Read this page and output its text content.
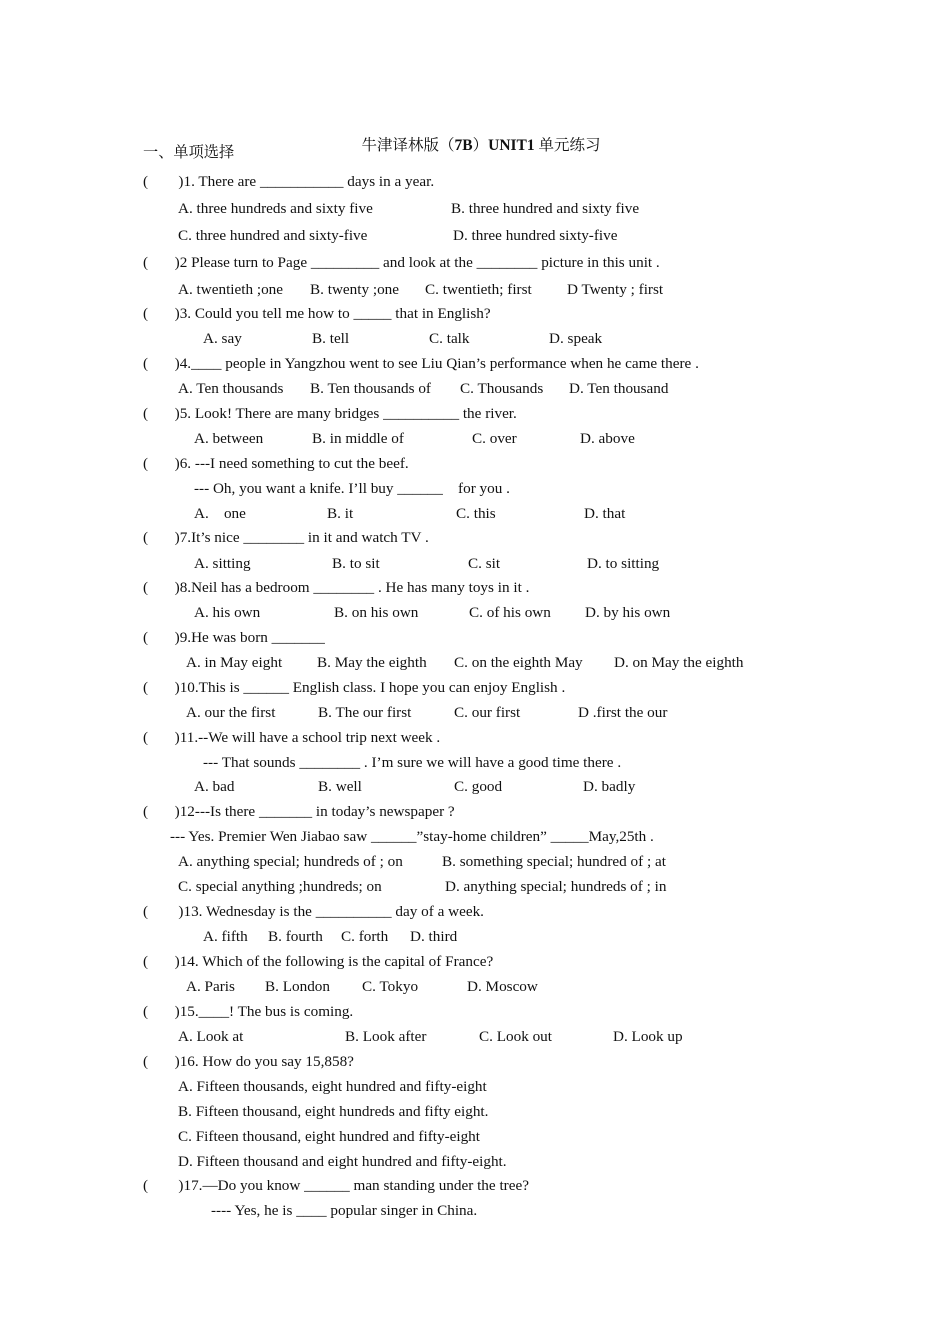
牛津译林版（7B）UNIT1 单元练习

一、单项选择
(        )1. There are ___________ days in a year.
A. three hundreds and sixty five	B. three hundred and sixty five
C. three hundred and sixty-five	D. three hundred sixty-five
(       )2 Please turn to Page _________ and look at the ________ picture in this unit .
A. twentieth ;one B. twenty ;one C. twentieth; first D Twenty ; first
(       )3. Could you tell me how to _____ that in English?
A. say	B. tell	C. talk	D. speak
(       )4.____ people in Yangzhou went to see Liu Qian’s performance when he came there .
A. Ten thousands B. Ten thousands of C. Thousands D. Ten thousand
(       )5. Look! There are many bridges __________ the river.
A. between	B. in middle of	C. over	D. above
(       )6. ---I need something to cut the beef.
--- Oh, you want a knife. I’ll buy ______    for you .
A.    one	B. it	C. this	D. that
(       )7.It’s nice ________ in it and watch TV .
A. sitting	B. to sit	C. sit	D. to sitting
(       )8.Neil has a bedroom ________ . He has many toys in it .
A. his own	B. on his own	C. of his own D. by his own
(       )9.He was born _______
A. in May eight B. May the eighth C. on the eighth May D. on May the eighth
(       )10.This is ______ English class. I hope you can enjoy English .
A. our the first	B. The our first	C. our first	D .first the our
(       )11.--We will have a school trip next week .
--- That sounds ________ . I’m sure we will have a good time there .
A. bad	B. well	C. good	D. badly
(       )12---Is there _______ in today’s newspaper ?
--- Yes. Premier Wen Jiabao saw ______”stay-home children” _____May,25th .
A. anything special; hundreds of ; on	B. something special; hundred of ; at
C. special anything ;hundreds; on	D. anything special; hundreds of ; in
(        )13. Wednesday is the __________ day of a week.
A. fifth B. fourth C. forth D. third
(       )14. Which of the following is the capital of France?
A. Paris B. London C. Tokyo	D. Moscow
(       )15.____! The bus is coming.
A. Look at	B. Look after	C. Look out	D. Look up
(       )16. How do you say 15,858?
A. Fifteen thousands, eight hundred and fifty-eight
B. Fifteen thousand, eight hundreds and fifty eight.
C. Fifteen thousand, eight hundred and fifty-eight
D. Fifteen thousand and eight hundred and fifty-eight.
(        )17.—Do you know ______ man standing under the tree?
---- Yes, he is ____ popular singer in China.
